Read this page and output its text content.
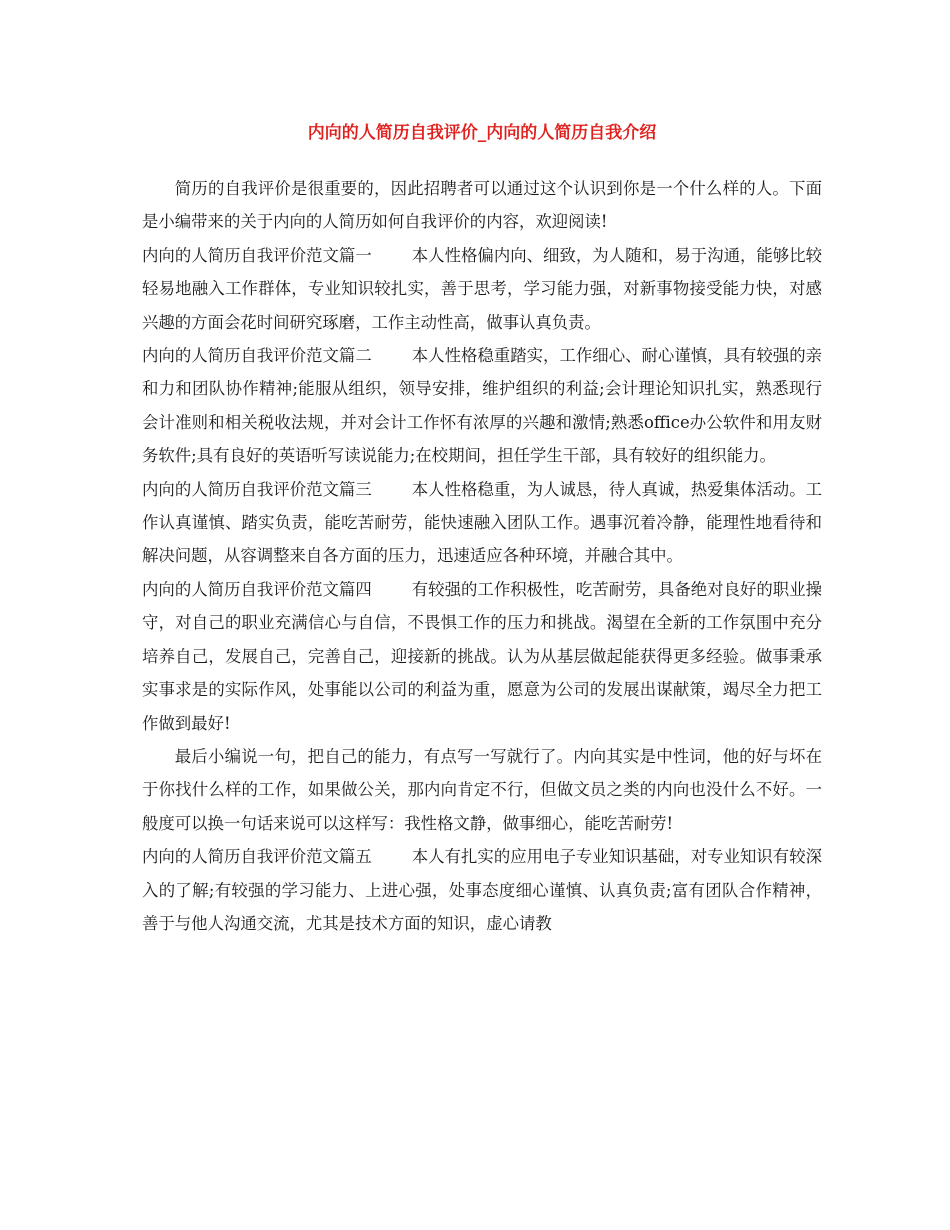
内向的人简历自我评价_内向的人简历自我介绍

简历的自我评价是很重要的，因此招聘者可以通过这个认识到你是一个什么样的人。下面是小编带来的关于内向的人简历如何自我评价的内容，欢迎阅读!

内向的人简历自我评价范文篇一 本人性格偏内向、细致，为人随和，易于沟通，能够比较轻易地融入工作群体，专业知识较扎实，善于思考，学习能力强，对新事物接受能力快，对感兴趣的方面会花时间研究琢磨，工作主动性高，做事认真负责。

内向的人简历自我评价范文篇二 本人性格稳重踏实，工作细心、耐心谨慎，具有较强的亲和力和团队协作精神;能服从组织，领导安排，维护组织的利益;会计理论知识扎实，熟悉现行会计准则和相关税收法规，并对会计工作怀有浓厚的兴趣和激情;熟悉office办公软件和用友财务软件;具有良好的英语听写读说能力;在校期间，担任学生干部，具有较好的组织能力。

内向的人简历自我评价范文篇三 本人性格稳重，为人诚恳，待人真诚，热爱集体活动。工作认真谨慎、踏实负责，能吃苦耐劳，能快速融入团队工作。遇事沉着冷静，能理性地看待和解决问题，从容调整来自各方面的压力，迅速适应各种环境，并融合其中。

内向的人简历自我评价范文篇四 有较强的工作积极性，吃苦耐劳，具备绝对良好的职业操守，对自己的职业充满信心与自信，不畏惧工作的压力和挑战。渴望在全新的工作氛围中充分培养自己，发展自己，完善自己，迎接新的挑战。认为从基层做起能获得更多经验。做事秉承实事求是的实际作风，处事能以公司的利益为重，愿意为公司的发展出谋献策，竭尽全力把工作做到最好!

最后小编说一句，把自己的能力，有点写一写就行了。内向其实是中性词，他的好与坏在于你找什么样的工作，如果做公关，那内向肯定不行，但做文员之类的内向也没什么不好。一般度可以换一句话来说可以这样写：我性格文静，做事细心，能吃苦耐劳!

内向的人简历自我评价范文篇五 本人有扎实的应用电子专业知识基础，对专业知识有较深入的了解;有较强的学习能力、上进心强，处事态度细心谨慎、认真负责;富有团队合作精神，善于与他人沟通交流，尤其是技术方面的知识，虚心请教
